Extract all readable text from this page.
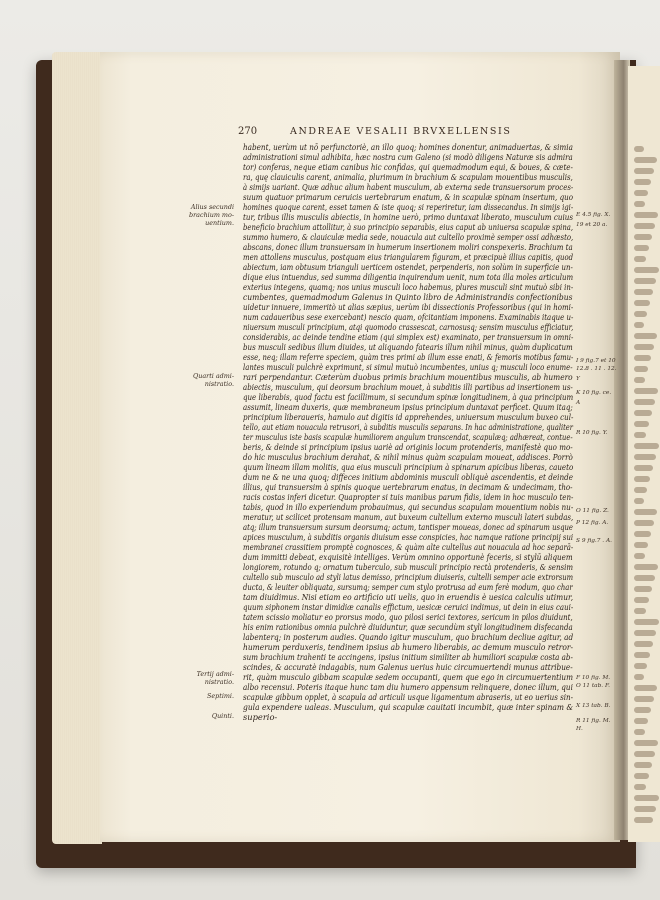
270	ANDREAE VESALII BRVXELLENSIS
habent, uerùm ut nō perfunctoriè, an illo quoq; homines donentur, animaduertas, & simia
administrationi simul adhibita, hæc nostra cum Galeno (si modò diligens Naturæ sis admira
tor) conferas, neque etiam canibus hic confidas, qui quemadmodum equi, & boues, & cæte-
ra, quę clauiculis carent, animalia, plurimum in brachium & scapulam mouentibus musculis,
à simijs uariant. Quæ adhuc alium habent musculum, ab externa sede transuersorum proces-
suum quatuor primarum ceruicis uertebrarum enatum, & in scapulæ spinam insertum, quo
homines quoque carent, esset tamen & iste quoq; si reperiretur, iam dissecandus. In simijs igi-
tur, tribus illis musculis abiectis, in homine uerò, primo duntaxat liberato, musculum cuius
beneficio brachium attollitur, à suo principio separabis, eius caput ab uniuersa scapulæ spina,
summo humero, & clauiculæ media sede, nouacula aut cultello proximè semper ossi adhæsto,
abscans, donec illum transuersam in humerum insertionem moliri conspexeris. Brachium ta
men attollens musculus, postquam eius triangularem figuram, et præcipuè illius capitis, quod
abiectum, iam obtusum trianguli uerticem ostendet, perpenderis, non solùm in superficie un-
dique eius intuendus, sed summa diligentia inquirendum uenit, num tota illa moles articulum
exterius integens, quamq; nos unius musculi loco habemus, plures musculi sint mutuò sibi in-
cumbentes, quemadmodum Galenus in Quinto libro de Administrandis confectionibus
uidetur innuere, immeritò ut alias sæpius, uerùm ibi dissectionis Professoribus (qui in homi-
num cadaueribus sese exercebant) nescio quam, ofcitantiam imponens. Examinabis itaque u-
niuersum musculi principium, atqi quomodo crassescat, carnosusq; sensim musculus efficiatur,
considerabis, ac deinde tendine etiam (qui simplex est) examinato, per transuersum in omni-
bus musculi sedibus illum diuides, ut aliquando fatearis illum nihil minus, quàm duplicatum
esse, neq; illam referre speciem, quàm tres primi ab illum esse enati, & femoris motibus famu-
lantes musculi pulchrè exprimunt, si simul mutuò incumbentes, unius q; musculi loco enume-
rari perpendantur. Cæterùm duobus primis brachium mouentibus musculis, ab humero
abiectis, musculum, qui deorsum brachium mouet, à subditis illi partibus ad insertionem us-
que liberabis, quod factu est facillimum, si secundum spinæ longitudinem, à qua principium
assumit, lineam duxeris, quæ membraneum ipsius principium duntaxat perficet. Quum itaq;
principium liberaueris, hamulo aut digitis id apprehendes, uniuersum musculum buxeo cul-
tello, aut etiam nouacula retrusori, à subditis musculis separans. In hac administratione, qualiter
ter musculus iste basis scapulæ humiliorem angulum transcendat, scapulæq; adhæreat, contue-
beris, & deinde si principium ipsius uariè ad originis locum protenderis, manifestè quo mo-
do hic musculus brachium derahat, & nihil minus quàm scapulam moueat, addisces. Porrò
quum lineam illam molitis, qua eius musculi principium à spinarum apicibus liberas, caueto
dum ne & ne una quoq; diffeces initium abdominis musculi obliquè ascendentis, et deinde
illius, qui transuersim à spinis quoque uertebrarum enatus, in decimam & undecimam, tho-
racis costas inferi dicetur. Quapropter si tuis manibus parum fidis, idem in hoc musculo ten-
tabis, quod in illo experiendum probauimus, qui secundus scapulam mouentium nobis nu-
meratur, ut scilicet protensam manum, aut buxeum cultellum externo musculi lateri subdas,
atq; illum transuersum sursum deorsumq; actum, tantisper moueas, donec ad spinarum usque
apices musculum, à subditis organis diuisum esse conspicies, hac namque ratione principij sui
membranei crassitiem promptè cognosces, & quàm alte cultellus aut nouacula ad hoc separā-
dum immitti debeat, exquisitè intelliges. Verùm omnino opportunè feceris, si stylū aliquem
longiorem, rotundo q; ornatum tuberculo, sub musculi principio rectà protenderis, & sensim
cultello sub musculo ad styli latus demisso, principium diuiseris, cultelli semper acie extrorsum
ducta, & leuiter obliquata, sursumq; semper cum stylo protrusa ad eum ferè modum, quo char
tam diuidimus. Nisi etiam eo artificio uti uelis, quo in eruendis è uesica calculis utimur,
quum siphonem instar dimidiæ canalis effictum, uesicæ ceruici indimus, ut dein in eius caui-
tatem scissio moliatur eo prorsus modo, quo pilosi serici textores, sericum in pilos diuidunt,
his enim rationibus omnia pulchrè diuiduntur, quæ secundùm styli longitudinem disfecanda
labenterq; in posterum audies. Quando igitur musculum, quo brachium decliue agitur, ad
humerum perduxeris, tendinem ipsius ab humero liberabis, ac demum musculo retror-
sum brachium trahenti te accingens, ipsius initium similiter ab humiliori scapulæ costa ab-
scindes, & accuratè indagabis, num Galenus uerius huic circumuertendi munus attribue-
rit, quàm musculo gibbam scapulæ sedem occupanti, quem que ego in circumuertentium
albo recensui. Poteris itaque hunc tam diu humero appensum relinquere, donec illum, qui
scapulæ gibbum opplet, à scapula ad articuli usque ligamentum abraseris, ut eo uerius sin-
gula expendere ualeas. Musculum, qui scapulæ cauitati incumbit, quæ inter spinam &
superio-
Alius secundi
brachium mo-
uentium.
Quarti admi-
nistratio.
Tertij admi-
nistratio.
Septimi.
Quinti.
E 4.5 fig. X.
19 et 20 a.
I 9 fig.7 et 10
12.8 . 11 . 12.
Y
K 10 fig. ce.
A
R 10 fig. Y.
O 11 fig. Z.
P 12 fig. A.
S 9 fig.7 . A.
F 10 fig. M.
O 11 tab. F.
X 13 tab. B.
R 11 fig. M.
H.
